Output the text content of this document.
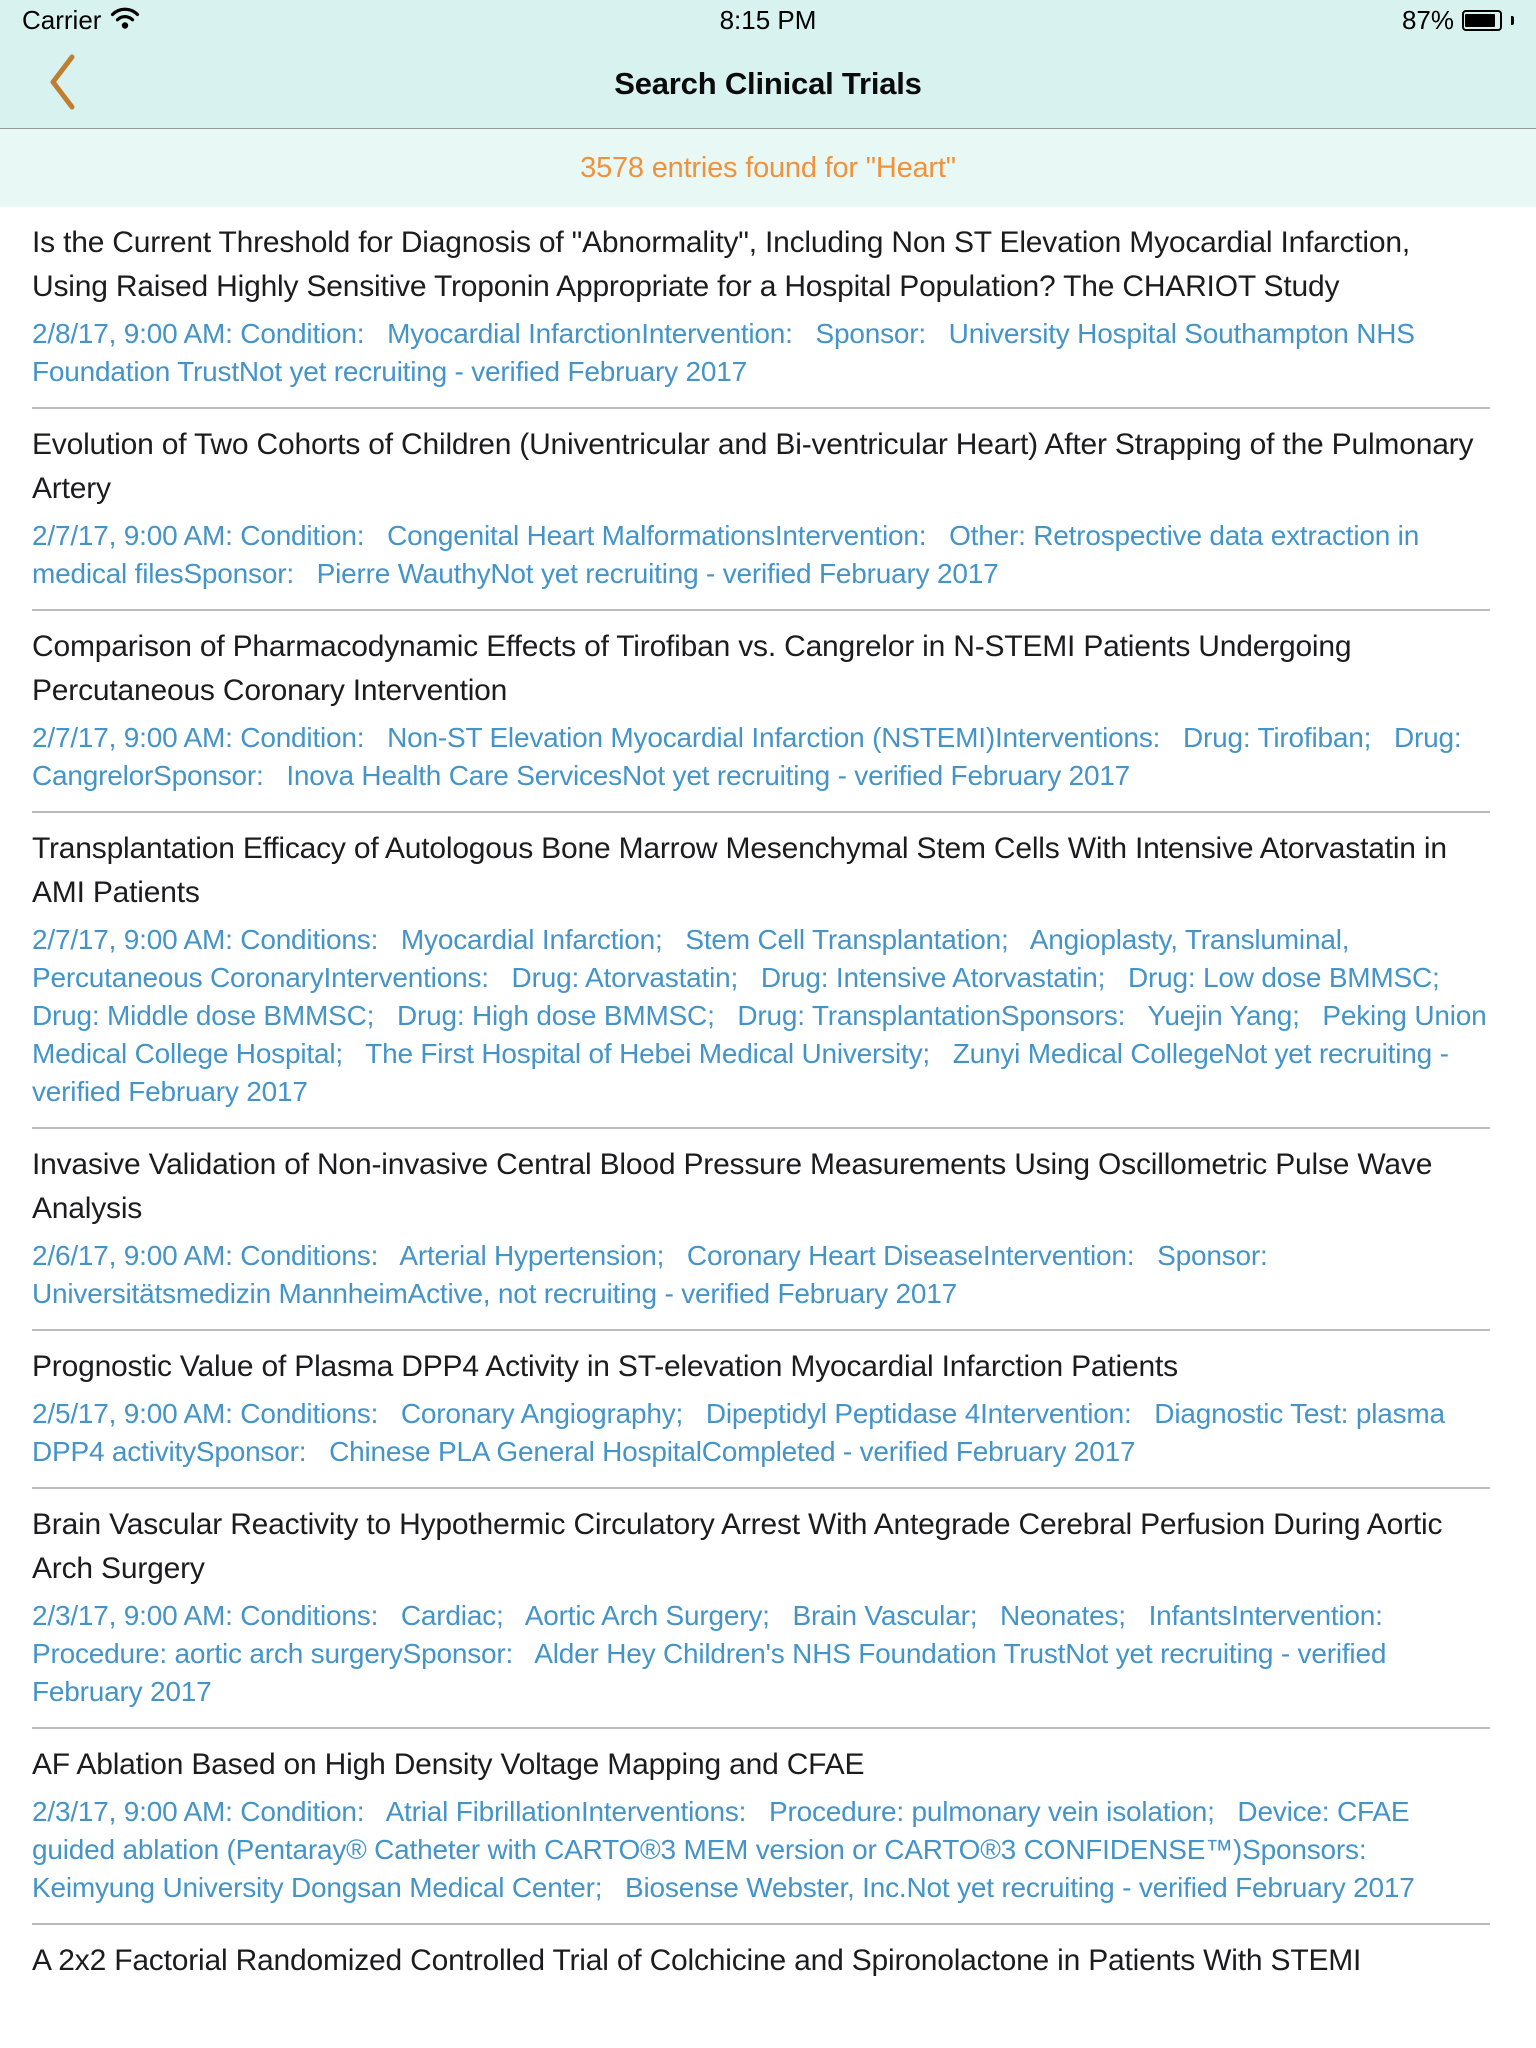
Carrier	8:15 PM	87%
Search Clinical Trials
3578 entries found for "Heart"
Is the Current Threshold for Diagnosis of "Abnormality", Including Non ST Elevation Myocardial Infarction, Using Raised Highly Sensitive Troponin Appropriate for a Hospital Population? The CHARIOT Study
2/8/17, 9:00 AM: Condition:   Myocardial InfarctionIntervention:   Sponsor:   University Hospital Southampton NHS Foundation TrustNot yet recruiting - verified February 2017
Evolution of Two Cohorts of Children (Univentricular and Bi-ventricular Heart) After Strapping of the Pulmonary Artery
2/7/17, 9:00 AM: Condition:   Congenital Heart MalformationsIntervention:   Other: Retrospective data extraction in medical filesSponsor:   Pierre WauthyNot yet recruiting - verified February 2017
Comparison of Pharmacodynamic Effects of Tirofiban vs. Cangrelor in N-STEMI Patients Undergoing Percutaneous Coronary Intervention
2/7/17, 9:00 AM: Condition:   Non-ST Elevation Myocardial Infarction (NSTEMI)Interventions:   Drug: Tirofiban;   Drug: CangrelorSponsor:   Inova Health Care ServicesNot yet recruiting - verified February 2017
Transplantation Efficacy of Autologous Bone Marrow Mesenchymal Stem Cells With Intensive Atorvastatin in AMI Patients
2/7/17, 9:00 AM: Conditions:   Myocardial Infarction;   Stem Cell Transplantation;   Angioplasty, Transluminal, Percutaneous CoronaryInterventions:   Drug: Atorvastatin;   Drug: Intensive Atorvastatin;   Drug: Low dose BMMSC;   Drug: Middle dose BMMSC;   Drug: High dose BMMSC;   Drug: TransplantationSponsors:   Yuejin Yang;   Peking Union Medical College Hospital;   The First Hospital of Hebei Medical University;   Zunyi Medical CollegeNot yet recruiting - verified February 2017
Invasive Validation of Non-invasive Central Blood Pressure Measurements Using Oscillometric Pulse Wave Analysis
2/6/17, 9:00 AM: Conditions:   Arterial Hypertension;   Coronary Heart DiseaseIntervention:   Sponsor:   Universitätsmedizin MannheimActive, not recruiting - verified February 2017
Prognostic Value of Plasma DPP4 Activity in ST-elevation Myocardial Infarction Patients
2/5/17, 9:00 AM: Conditions:   Coronary Angiography;   Dipeptidyl Peptidase 4Intervention:   Diagnostic Test: plasma DPP4 activitySponsor:   Chinese PLA General HospitalCompleted - verified February 2017
Brain Vascular Reactivity to Hypothermic Circulatory Arrest With Antegrade Cerebral Perfusion During Aortic Arch Surgery
2/3/17, 9:00 AM: Conditions:   Cardiac;   Aortic Arch Surgery;   Brain Vascular;   Neonates;   InfantsIntervention:   Procedure: aortic arch surgerySponsor:   Alder Hey Children's NHS Foundation TrustNot yet recruiting - verified February 2017
AF Ablation Based on High Density Voltage Mapping and CFAE
2/3/17, 9:00 AM: Condition:   Atrial FibrillationInterventions:   Procedure: pulmonary vein isolation;   Device: CFAE guided ablation (Pentaray® Catheter with CARTO®3 MEM version or CARTO®3 CONFIDENSE™)Sponsors:   Keimyung University Dongsan Medical Center;   Biosense Webster, Inc.Not yet recruiting - verified February 2017
A 2x2 Factorial Randomized Controlled Trial of Colchicine and Spironolactone in Patients With STEMI
